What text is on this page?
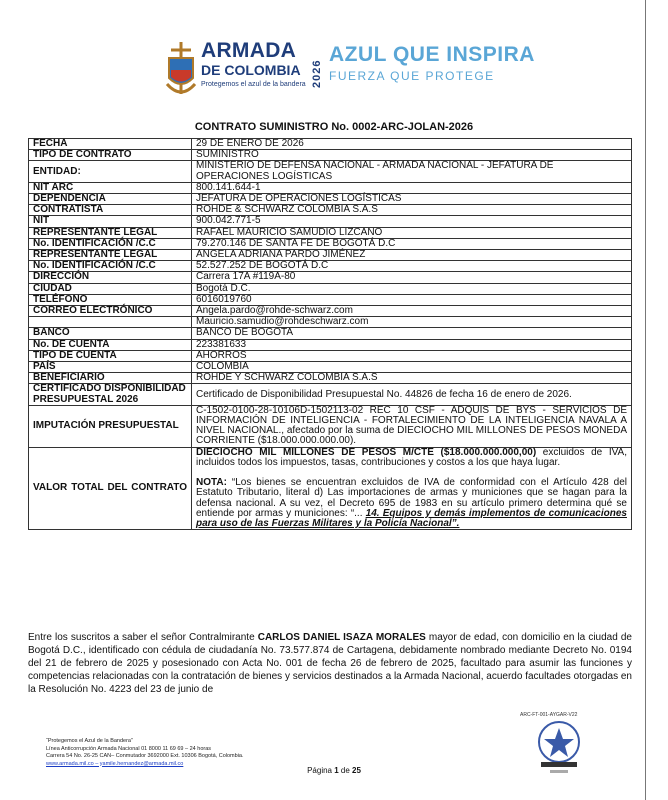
ARMADA
DE COLOMBIA
Protegemos el azul de la bandera 2026
AZUL QUE INSPIRA
FUERZA QUE PROTEGE
CONTRATO SUMINISTRO No. 0002-ARC-JOLAN-2026
FECHA	29 DE ENERO DE 2026
TIPO DE CONTRATO	SUMINISTRO
ENTIDAD:	MINISTERIO DE DEFENSA NACIONAL - ARMADA NACIONAL - JEFATURA DE OPERACIONES LOGÍSTICAS
NIT ARC	800.141.644-1
DEPENDENCIA	JEFATURA DE OPERACIONES LOGÍSTICAS
CONTRATISTA	ROHDE & SCHWARZ COLOMBIA S.A.S
NIT	900.042.771-5
REPRESENTANTE LEGAL	RAFAEL MAURICIO SAMUDIO LIZCANO
No. IDENTIFICACIÓN /C.C	79.270.146 DE SANTA FE DE BOGOTÁ D.C
REPRESENTANTE LEGAL	ANGELA ADRIANA PARDO JIMÉNEZ
No. IDENTIFICACIÓN /C.C	52.527.252 DE BOGOTÁ D.C
DIRECCIÓN	Carrera 17A #119A-80
CIUDAD	Bogotá D.C.
TELÉFONO	6016019760
CORREO ELECTRÓNICO	Angela.pardo@rohde-schwarz.com
	Mauricio.samudio@rohdeschwarz.com
BANCO	BANCO DE BOGOTA
No. DE CUENTA	223381633
TIPO DE CUENTA	AHORROS
PAÍS	COLOMBIA
BENEFICIARIO	ROHDE Y SCHWARZ COLOMBIA S.A.S
CERTIFICADO DISPONIBILIDAD PRESUPUESTAL 2026	Certificado de Disponibilidad Presupuestal No. 44826 de fecha 16 de enero de 2026.
IMPUTACIÓN PRESUPUESTAL	C-1502-0100-28-10106D-1502113-02 REC 10 CSF - ADQUIS DE BYS - SERVICIOS DE INFORMACIÓN DE INTELIGENCIA - FORTALECIMIENTO DE LA INTELIGENCIA NAVALA A NIVEL NACIONAL., afectado por la suma de DIECIOCHO MIL MILLONES DE PESOS MONEDA CORRIENTE ($18.000.000.000.00).
VALOR TOTAL DEL CONTRATO	DIECIOCHO MIL MILLONES DE PESOS M/CTE ($18.000.000.000,00) excluidos de IVA, incluidos todos los impuestos, tasas, contribuciones y costos a los que haya lugar.
NOTA: “Los bienes se encuentran excluidos de IVA de conformidad con el Artículo 428 del Estatuto Tributario, literal d) Las importaciones de armas y municiones que se hagan para la defensa nacional. A su vez, el Decreto 695 de 1983 en su artículo primero determina qué se entiende por armas y municiones: “... 14. Equipos y demás implementos de comunicaciones para uso de las Fuerzas Militares y la Policía Nacional”.
Entre los suscritos a saber el señor Contralmirante CARLOS DANIEL ISAZA MORALES mayor de edad, con domicilio en la ciudad de Bogotá D.C., identificado con cédula de ciudadanía No. 73.577.874 de Cartagena, debidamente nombrado mediante Decreto No. 0194 del 21 de febrero de 2025 y posesionado con Acta No. 001 de fecha 26 de febrero de 2025, facultado para asumir las funciones y competencias relacionadas con la contratación de bienes y servicios destinados a la Armada Nacional, acuerdo facultades otorgadas en la Resolución No. 4223 del 23 de junio de
ARC-FT-001-AYGAR-V22
“Protegemos el Azul de la Bandera”
Línea Anticorrupción Armada Nacional 01 8000 11 69 69 – 24 horas
Carrera 54 No. 26-25 CAN– Conmutador 3692000 Ext. 10306 Bogotá, Colombia.
www.armada.mil.co – yamile.hernandez@armada.mil.co
Página 1 de 25
